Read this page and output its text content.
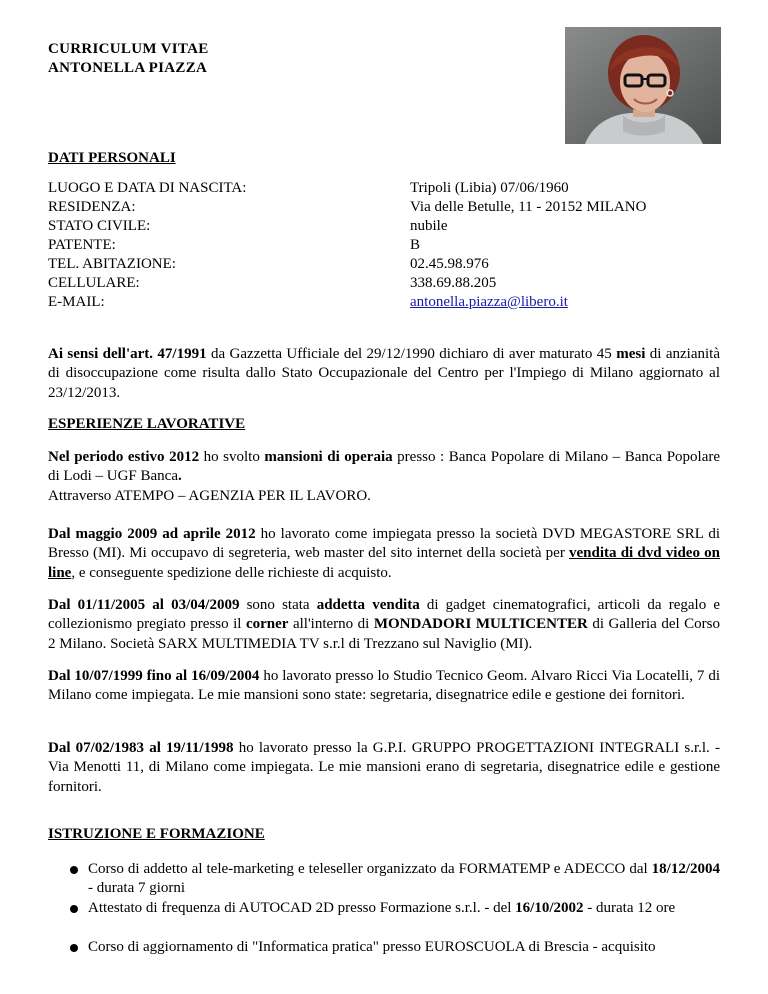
CURRICULUM VITAE
ANTONELLA PIAZZA
DATI PERSONALI
LUOGO E DATA DI NASCITA:	Tripoli (Libia) 07/06/1960
RESIDENZA:	Via delle Betulle, 11 - 20152 MILANO
STATO CIVILE:	nubile
PATENTE:	B
TEL. ABITAZIONE:	02.45.98.976
CELLULARE:	338.69.88.205
E-MAIL:	antonella.piazza@libero.it
Ai sensi dell'art. 47/1991 da Gazzetta Ufficiale del 29/12/1990 dichiaro di aver maturato 45 mesi di anzianità di disoccupazione come risulta dallo Stato Occupazionale del Centro per l'Impiego di Milano aggiornato al 23/12/2013.
ESPERIENZE LAVORATIVE
Nel periodo estivo 2012 ho svolto mansioni di operaia presso : Banca Popolare di Milano – Banca Popolare di Lodi – UGF Banca.
Attraverso ATEMPO – AGENZIA PER IL LAVORO.
Dal maggio 2009 ad aprile 2012 ho lavorato come impiegata presso la società DVD MEGASTORE SRL di Bresso (MI). Mi occupavo di segreteria, web master del sito internet della società per vendita di dvd video on line, e conseguente spedizione delle richieste di acquisto.
Dal 01/11/2005 al 03/04/2009 sono stata addetta vendita di gadget cinematografici, articoli da regalo e collezionismo pregiato presso il corner all'interno di MONDADORI MULTICENTER di Galleria del Corso 2 Milano. Società SARX MULTIMEDIA TV s.r.l di Trezzano sul Naviglio (MI).
Dal 10/07/1999 fino al 16/09/2004 ho lavorato presso lo Studio Tecnico Geom. Alvaro Ricci Via Locatelli, 7 di Milano come impiegata. Le mie mansioni sono state: segretaria, disegnatrice edile e gestione dei fornitori.
Dal 07/02/1983 al 19/11/1998 ho lavorato presso la G.P.I. GRUPPO PROGETTAZIONI INTEGRALI s.r.l. - Via Menotti 11, di Milano come impiegata. Le mie mansioni erano di segretaria, disegnatrice edile e gestione fornitori.
ISTRUZIONE E FORMAZIONE
Corso di addetto al tele-marketing e teleseller organizzato da FORMATEMP e ADECCO dal 18/12/2004 - durata 7 giorni
Attestato di frequenza di AUTOCAD 2D presso Formazione s.r.l. - del 16/10/2002 - durata 12 ore
Corso di aggiornamento di "Informatica pratica" presso EUROSCUOLA di Brescia - acquisito
